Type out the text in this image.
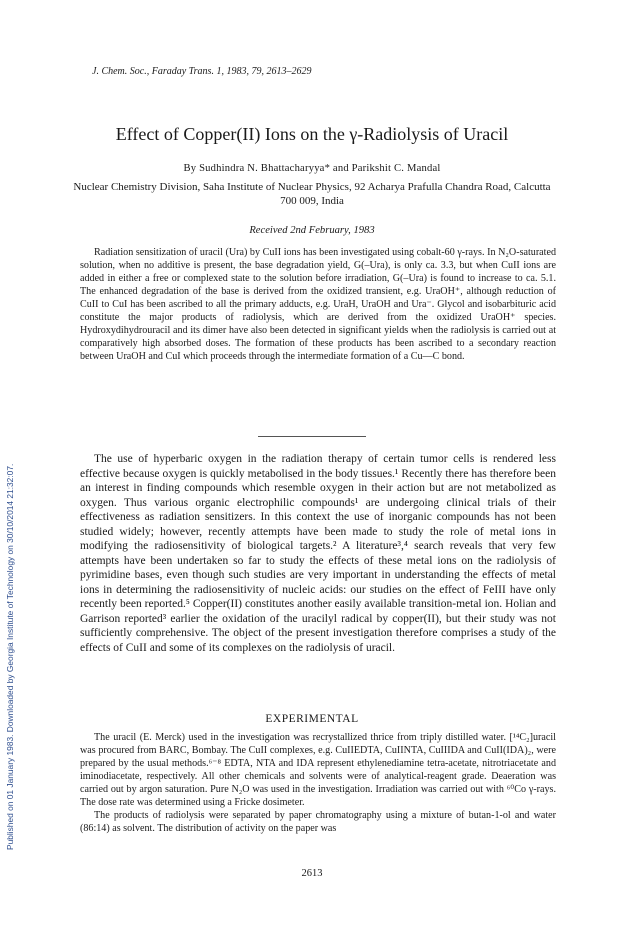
Published on 01 January 1983. Downloaded by Georgia Institute of Technology on 30/10/2014 21:32:07.
J. Chem. Soc., Faraday Trans. 1, 1983, 79, 2613–2629
Effect of Copper(II) Ions on the γ-Radiolysis of Uracil
By Sudhindra N. Bhattacharyya* and Parikshit C. Mandal
Nuclear Chemistry Division, Saha Institute of Nuclear Physics, 92 Acharya Prafulla Chandra Road, Calcutta 700 009, India
Received 2nd February, 1983

Radiation sensitization of uracil (Ura) by CuII ions has been investigated using cobalt-60 γ-rays. In N₂O-saturated solution, when no additive is present, the base degradation yield, G(–Ura), is only ca. 3.3, but when CuII ions are added in either a free or complexed state to the solution before irradiation, G(–Ura) is found to increase to ca. 5.1. The enhanced degradation of the base is derived from the oxidized transient, e.g. UraOH⁺, although reduction of CuII to CuI has been ascribed to all the primary adducts, e.g. UraH, UraOH and Ura⁻. Glycol and isobarbituric acid constitute the major products of radiolysis, which are derived from the oxidized UraOH⁺ species. Hydroxydihydrouracil and its dimer have also been detected in significant yields when the radiolysis is carried out at comparatively high absorbed doses. The formation of these products has been ascribed to a secondary reaction between UraOH and CuI which proceeds through the intermediate formation of a Cu—C bond.

The use of hyperbaric oxygen in the radiation therapy of certain tumor cells is rendered less effective because oxygen is quickly metabolised in the body tissues.¹ Recently there has therefore been an interest in finding compounds which resemble oxygen in their action but are not metabolized as oxygen. Thus various organic electrophilic compounds¹ are undergoing clinical trials of their effectiveness as radiation sensitizers. In this context the use of inorganic compounds has not been studied widely; however, recently attempts have been made to study the role of metal ions in modifying the radiosensitivity of biological targets.² A literature³,⁴ search reveals that very few attempts have been undertaken so far to study the effects of these metal ions on the radiolysis of pyrimidine bases, even though such studies are very important in understanding the effects of metal ions in determining the radiosensitivity of nucleic acids: our studies on the effect of FeIII have only recently been reported.⁵ Copper(II) constitutes another easily available transition-metal ion. Holian and Garrison reported³ earlier the oxidation of the uracilyl radical by copper(II), but their study was not sufficiently comprehensive. The object of the present investigation therefore comprises a study of the effects of CuII and some of its complexes on the radiolysis of uracil.

EXPERIMENTAL

The uracil (E. Merck) used in the investigation was recrystallized thrice from triply distilled water. [¹⁴C₂]uracil was procured from BARC, Bombay. The CuII complexes, e.g. CuIIEDTA, CuIINTA, CuIIIDA and CuII(IDA)₂, were prepared by the usual methods.⁶⁻⁸ EDTA, NTA and IDA represent ethylenediamine tetra-acetate, nitrotriacetate and iminodiacetate, respectively. All other chemicals and solvents were of analytical-reagent grade. Deaeration was carried out by argon saturation. Pure N₂O was used in the investigation. Irradiation was carried out with ⁶⁰Co γ-rays. The dose rate was determined using a Fricke dosimeter.

The products of radiolysis were separated by paper chromatography using a mixture of butan-1-ol and water (86:14) as solvent. The distribution of activity on the paper was

2613
